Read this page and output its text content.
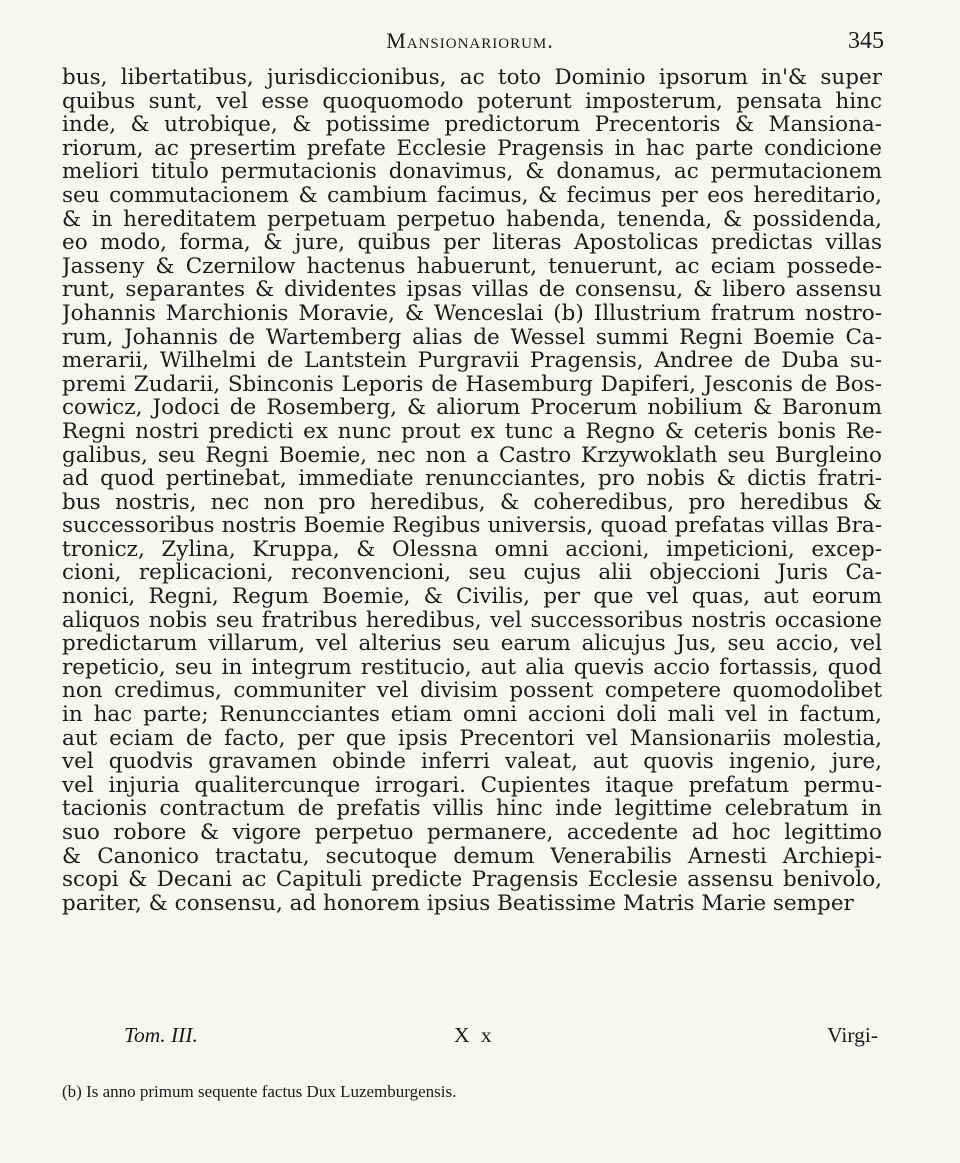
Mansionariorum.	345
bus, libertatibus, jurisdiccionibus, ac toto Dominio ipsorum in'& super
quibus sunt, vel esse quoquomodo poterunt imposterum, pensata hinc
inde, & utrobique, & potissime predictorum Precentoris & Mansiona-
riorum, ac presertim prefate Ecclesie Pragensis in hac parte condicione
meliori titulo permutacionis donavimus, & donamus, ac permutacionem
seu commutacionem & cambium facimus, & fecimus per eos hereditario,
& in hereditatem perpetuam perpetuo habenda, tenenda, & possidenda,
eo modo, forma, & jure, quibus per literas Apostolicas predictas villas
Jasseny & Czernilow hactenus habuerunt, tenuerunt, ac eciam possede-
runt, separantes & dividentes ipsas villas de consensu, & libero assensu
Johannis Marchionis Moravie, & Wenceslai (b) Illustrium fratrum nostro-
rum, Johannis de Wartemberg alias de Wessel summi Regni Boemie Ca-
merarii, Wilhelmi de Lantstein Purgravii Pragensis, Andree de Duba su-
premi Zudarii, Sbinconis Leporis de Hasemburg Dapiferi, Jesconis de Bos-
cowicz, Jodoci de Rosemberg, & aliorum Procerum nobilium & Baronum
Regni nostri predicti ex nunc prout ex tunc a Regno & ceteris bonis Re-
galibus, seu Regni Boemie, nec non a Castro Krzywoklath seu Burgleino
ad quod pertinebat, immediate renuncciantes, pro nobis & dictis fratri-
bus nostris, nec non pro heredibus, & coheredibus, pro heredibus &
successoribus nostris Boemie Regibus universis, quoad prefatas villas Bra-
tronicz, Zylina, Kruppa, & Olessna omni accioni, impeticioni, excep-
cioni, replicacioni, reconvencioni, seu cujus alii objeccioni Juris Ca-
nonici, Regni, Regum Boemie, & Civilis, per que vel quas, aut eorum
aliquos nobis seu fratribus heredibus, vel successoribus nostris occasione
predictarum villarum, vel alterius seu earum alicujus Jus, seu accio, vel
repeticio, seu in integrum restitucio, aut alia quevis accio fortassis, quod
non credimus, communiter vel divisim possent competere quomodolibet
in hac parte; Renuncciantes etiam omni accioni doli mali vel in factum,
aut eciam de facto, per que ipsis Precentori vel Mansionariis molestia,
vel quodvis gravamen obinde inferri valeat, aut quovis ingenio, jure,
vel injuria qualitercunque irrogari. Cupientes itaque prefatum permu-
tacionis contractum de prefatis villis hinc inde legittime celebratum in
suo robore & vigore perpetuo permanere, accedente ad hoc legittimo
& Canonico tractatu, secutoque demum Venerabilis Arnesti Archiepi-
scopi & Decani ac Capituli predicte Pragensis Ecclesie assensu benivolo,
pariter, & consensu, ad honorem ipsius Beatissime Matris Marie semper
Tom. III.	X x	Virgi-
(b) Is anno primum sequente factus Dux Luzemburgensis.
